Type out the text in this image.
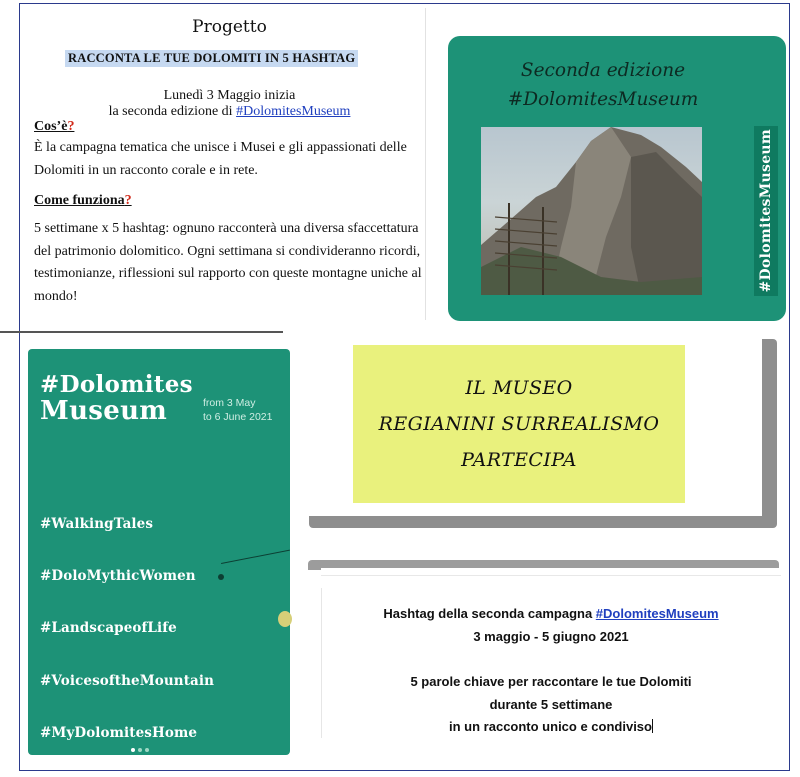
Progetto
RACCONTA LE TUE DOLOMITI IN 5 HASHTAG
Lunedì 3 Maggio inizia
la seconda edizione di #DolomitesMuseum
Cos’è?
È la campagna tematica che unisce i Musei e gli appassionati delle Dolomiti in un racconto corale e in rete.
Come funziona?
5 settimane x 5 hashtag: ognuno racconterà una diversa sfaccettatura del patrimonio dolomitico. Ogni settimana si condivideranno ricordi, testimonianze, riflessioni sul rapporto con queste montagne uniche al mondo!
Seconda edizione
#DolomitesMuseum
#DolomitesMuseum
#Dolomites
Museum	from 3 May
to 6 June 2021
#WalkingTales
#DoloMythicWomen
#LandscapeofLife
#VoicesoftheMountain
#MyDolomitesHome
IL MUSEO
REGIANINI SURREALISMO
PARTECIPA
Hashtag della seconda campagna #DolomitesMuseum
3 maggio - 5 giugno 2021
5 parole chiave per raccontare le tue Dolomiti
durante 5 settimane
in un racconto unico e condiviso
